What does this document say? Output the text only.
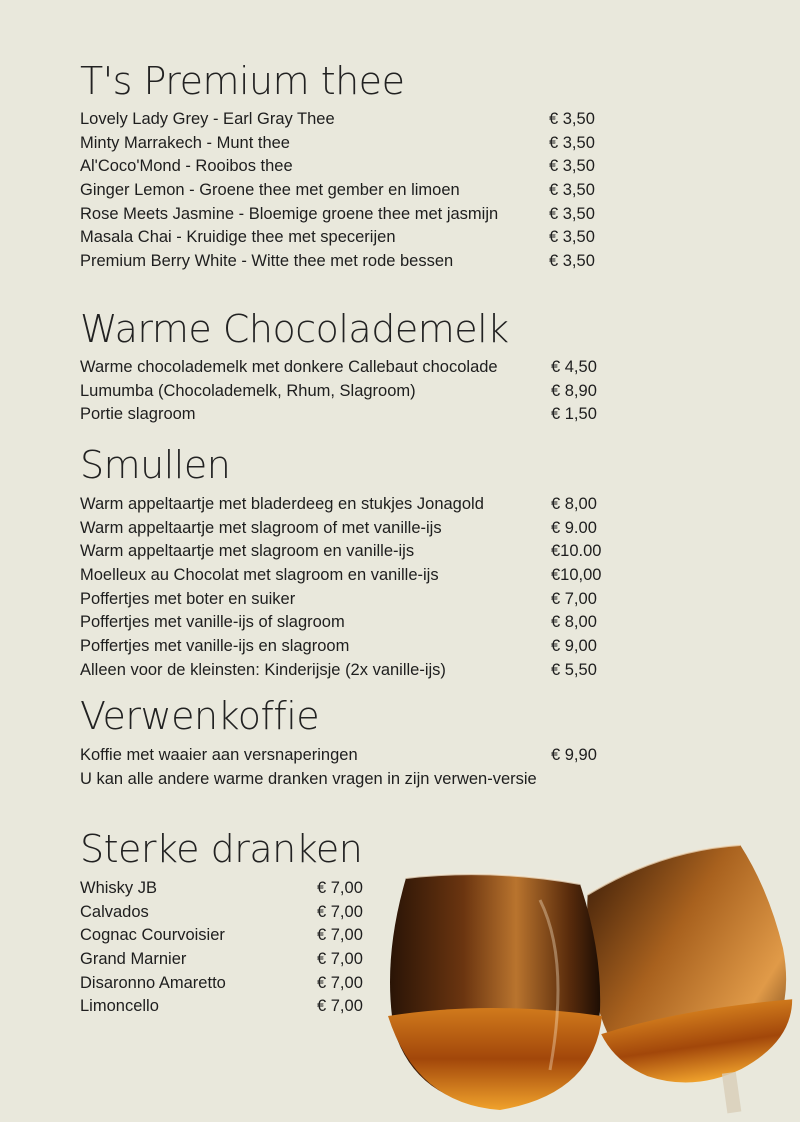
T's Premium thee
Lovely Lady Grey - Earl Gray Thee	€ 3,50
Minty Marrakech - Munt thee	€ 3,50
Al'Coco'Mond - Rooibos thee	€ 3,50
Ginger Lemon - Groene thee met gember en limoen	€ 3,50
Rose Meets Jasmine - Bloemige groene thee met jasmijn	€ 3,50
Masala Chai - Kruidige thee met specerijen	€ 3,50
Premium Berry White - Witte thee met rode bessen	€ 3,50
Warme Chocolademelk
Warme chocolademelk met donkere Callebaut chocolade	€ 4,50
Lumumba (Chocolademelk, Rhum, Slagroom)	€ 8,90
Portie slagroom	€ 1,50
Smullen
Warm appeltaartje met bladerdeeg en stukjes Jonagold	€ 8,00
Warm appeltaartje met slagroom of met vanille-ijs	€ 9.00
Warm appeltaartje met slagroom en vanille-ijs	€10.00
Moelleux au Chocolat met slagroom en vanille-ijs	€10,00
Poffertjes met boter en suiker	€ 7,00
Poffertjes met vanille-ijs of slagroom	€ 8,00
Poffertjes met vanille-ijs en slagroom	€ 9,00
Alleen voor de kleinsten: Kinderijsje (2x vanille-ijs)	€ 5,50
Verwenkoffie
Koffie met waaier aan versnaperingen	€ 9,90
U kan alle andere warme dranken vragen in zijn verwen-versie
Sterke dranken
Whisky JB	€ 7,00
Calvados	€ 7,00
Cognac Courvoisier	€ 7,00
Grand Marnier	€ 7,00
Disaronno Amaretto	€ 7,00
Limoncello	€ 7,00
